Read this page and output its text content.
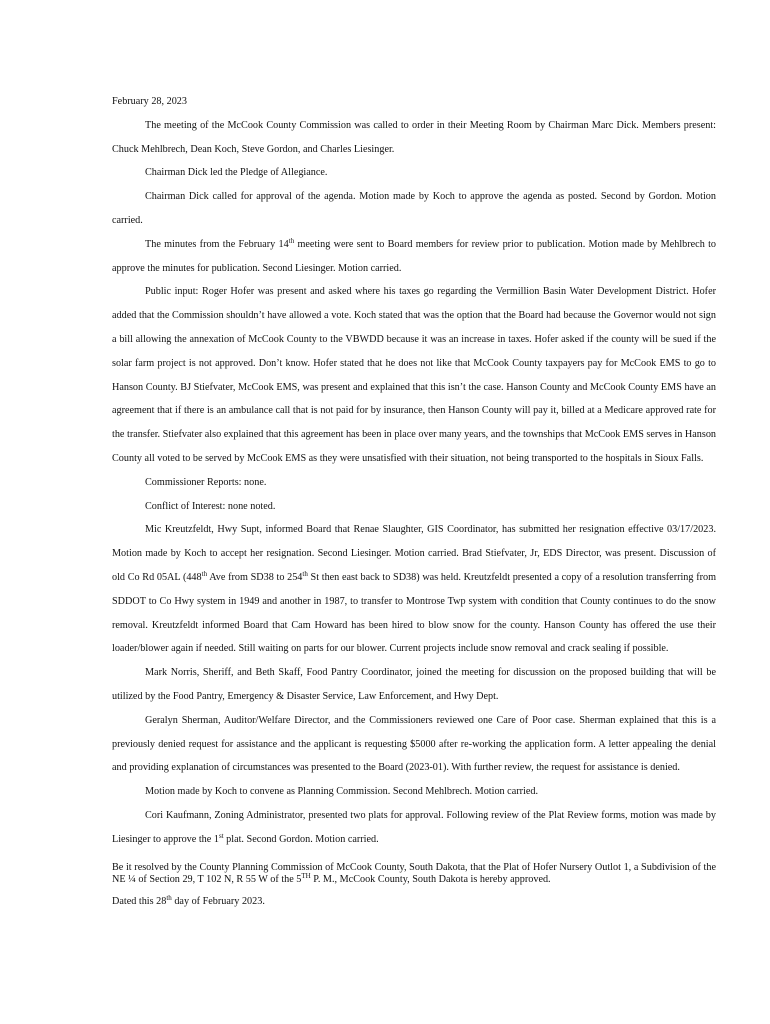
February 28, 2023

The meeting of the McCook County Commission was called to order in their Meeting Room by Chairman Marc Dick. Members present: Chuck Mehlbrech, Dean Koch, Steve Gordon, and Charles Liesinger.

Chairman Dick led the Pledge of Allegiance.

Chairman Dick called for approval of the agenda. Motion made by Koch to approve the agenda as posted. Second by Gordon. Motion carried.

The minutes from the February 14th meeting were sent to Board members for review prior to publication. Motion made by Mehlbrech to approve the minutes for publication. Second Liesinger. Motion carried.

Public input: Roger Hofer was present and asked where his taxes go regarding the Vermillion Basin Water Development District. Hofer added that the Commission shouldn’t have allowed a vote. Koch stated that was the option that the Board had because the Governor would not sign a bill allowing the annexation of McCook County to the VBWDD because it was an increase in taxes. Hofer asked if the county will be sued if the solar farm project is not approved. Don’t know. Hofer stated that he does not like that McCook County taxpayers pay for McCook EMS to go to Hanson County. BJ Stiefvater, McCook EMS, was present and explained that this isn’t the case. Hanson County and McCook County EMS have an agreement that if there is an ambulance call that is not paid for by insurance, then Hanson County will pay it, billed at a Medicare approved rate for the transfer. Stiefvater also explained that this agreement has been in place over many years, and the townships that McCook EMS serves in Hanson County all voted to be served by McCook EMS as they were unsatisfied with their situation, not being transported to the hospitals in Sioux Falls.

Commissioner Reports: none.

Conflict of Interest: none noted.

Mic Kreutzfeldt, Hwy Supt, informed Board that Renae Slaughter, GIS Coordinator, has submitted her resignation effective 03/17/2023. Motion made by Koch to accept her resignation. Second Liesinger. Motion carried. Brad Stiefvater, Jr, EDS Director, was present. Discussion of old Co Rd 05AL (448th Ave from SD38 to 254th St then east back to SD38) was held. Kreutzfeldt presented a copy of a resolution transferring from SDDOT to Co Hwy system in 1949 and another in 1987, to transfer to Montrose Twp system with condition that County continues to do the snow removal. Kreutzfeldt informed Board that Cam Howard has been hired to blow snow for the county. Hanson County has offered the use their loader/blower again if needed. Still waiting on parts for our blower. Current projects include snow removal and crack sealing if possible.

Mark Norris, Sheriff, and Beth Skaff, Food Pantry Coordinator, joined the meeting for discussion on the proposed building that will be utilized by the Food Pantry, Emergency & Disaster Service, Law Enforcement, and Hwy Dept.

Geralyn Sherman, Auditor/Welfare Director, and the Commissioners reviewed one Care of Poor case. Sherman explained that this is a previously denied request for assistance and the applicant is requesting $5000 after re-working the application form. A letter appealing the denial and providing explanation of circumstances was presented to the Board (2023-01). With further review, the request for assistance is denied.

Motion made by Koch to convene as Planning Commission. Second Mehlbrech. Motion carried.

Cori Kaufmann, Zoning Administrator, presented two plats for approval. Following review of the Plat Review forms, motion was made by Liesinger to approve the 1st plat. Second Gordon. Motion carried.

Be it resolved by the County Planning Commission of McCook County, South Dakota, that the Plat of Hofer Nursery Outlot 1, a Subdivision of the NE ¼ of Section 29, T 102 N, R 55 W of the 5TH P. M., McCook County, South Dakota is hereby approved.

Dated this 28th day of February 2023.
